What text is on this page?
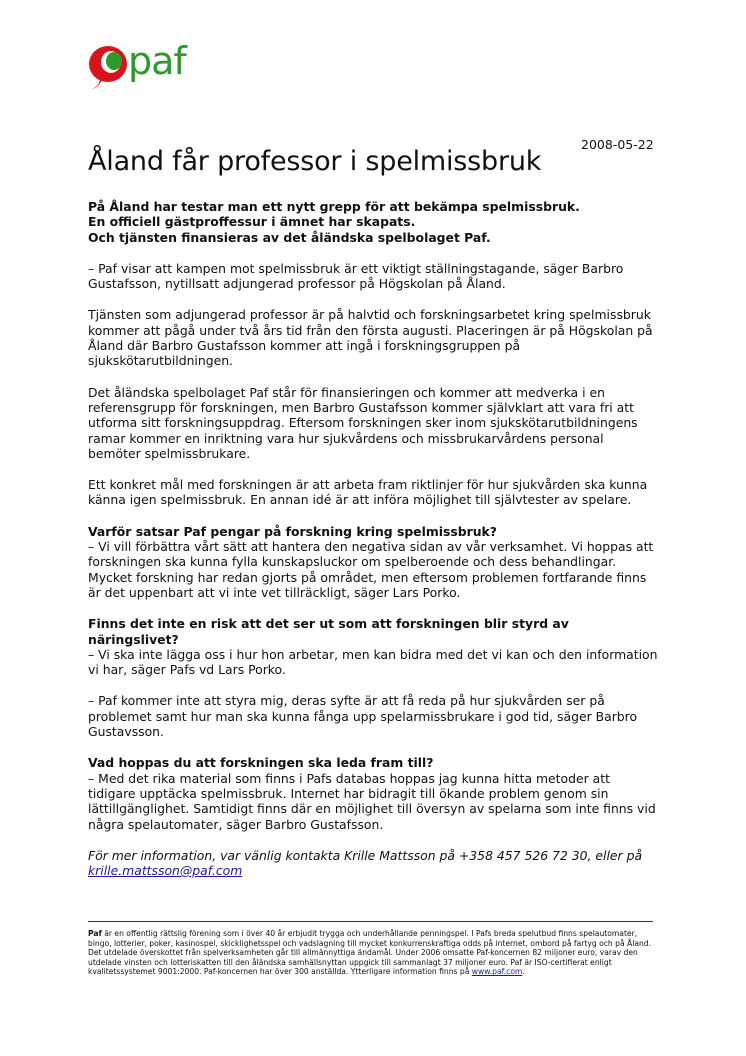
paf
2008-05-22
Åland får professor i spelmissbruk
På Åland har testar man ett nytt grepp för att bekämpa spelmissbruk.
En officiell gästproffessur i ämnet har skapats.
Och tjänsten finansieras av det åländska spelbolaget Paf.

– Paf visar att kampen mot spelmissbruk är ett viktigt ställningstagande, säger Barbro Gustafsson, nytillsatt adjungerad professor på Högskolan på Åland.

Tjänsten som adjungerad professor är på halvtid och forskningsarbetet kring spelmissbruk kommer att pågå under två års tid från den första augusti. Placeringen är på Högskolan på Åland där Barbro Gustafsson kommer att ingå i forskningsgruppen på sjukskötarutbildningen.

Det åländska spelbolaget Paf står för finansieringen och kommer att medverka i en referensgrupp för forskningen, men Barbro Gustafsson kommer självklart att vara fri att utforma sitt forskningsuppdrag. Eftersom forskningen sker inom sjukskötarutbildningens ramar kommer en inriktning vara hur sjukvårdens och missbrukarvårdens personal bemöter spelmissbrukare.

Ett konkret mål med forskningen är att arbeta fram riktlinjer för hur sjukvården ska kunna känna igen spelmissbruk. En annan idé är att införa möjlighet till självtester av spelare.

Varför satsar Paf pengar på forskning kring spelmissbruk?
– Vi vill förbättra vårt sätt att hantera den negativa sidan av vår verksamhet. Vi hoppas att forskningen ska kunna fylla kunskapsluckor om spelberoende och dess behandlingar. Mycket forskning har redan gjorts på området, men eftersom problemen fortfarande finns är det uppenbart att vi inte vet tillräckligt, säger Lars Porko.

Finns det inte en risk att det ser ut som att forskningen blir styrd av näringslivet?
– Vi ska inte lägga oss i hur hon arbetar, men kan bidra med det vi kan och den information vi har, säger Pafs vd Lars Porko.

– Paf kommer inte att styra mig, deras syfte är att få reda på hur sjukvården ser på problemet samt hur man ska kunna fånga upp spelarmissbrukare i god tid, säger Barbro Gustavsson.

Vad hoppas du att forskningen ska leda fram till?
– Med det rika material som finns i Pafs databas hoppas jag kunna hitta metoder att tidigare upptäcka spelmissbruk. Internet har bidragit till ökande problem genom sin lättillgänglighet. Samtidigt finns där en möjlighet till översyn av spelarna som inte finns vid några spelautomater, säger Barbro Gustafsson.

För mer information, var vänlig kontakta Krille Mattsson på +358 457 526 72 30, eller på
krille.mattsson@paf.com

Paf är en offentlig rättslig förening som i över 40 år erbjudit trygga och underhållande penningspel. I Pafs breda spelutbud finns spelautomater, bingo, lotterier, poker, kasinospel, skicklighetsspel och vadslagning till mycket konkurrenskraftiga odds på internet, ombord på fartyg och på Åland. Det utdelade överskottet från spelverksamheten går till allmännyttiga ändamål. Under 2006 omsatte Paf-koncernen 82 miljoner euro, varav den utdelade vinsten och lotteriskatten till den åländska samhällsnyttan uppgick till sammanlagt 37 miljoner euro. Paf är ISO-certifierat enligt kvalitetssystemet 9001:2000. Paf-koncernen har över 300 anställda. Ytterligare information finns på www.paf.com.
